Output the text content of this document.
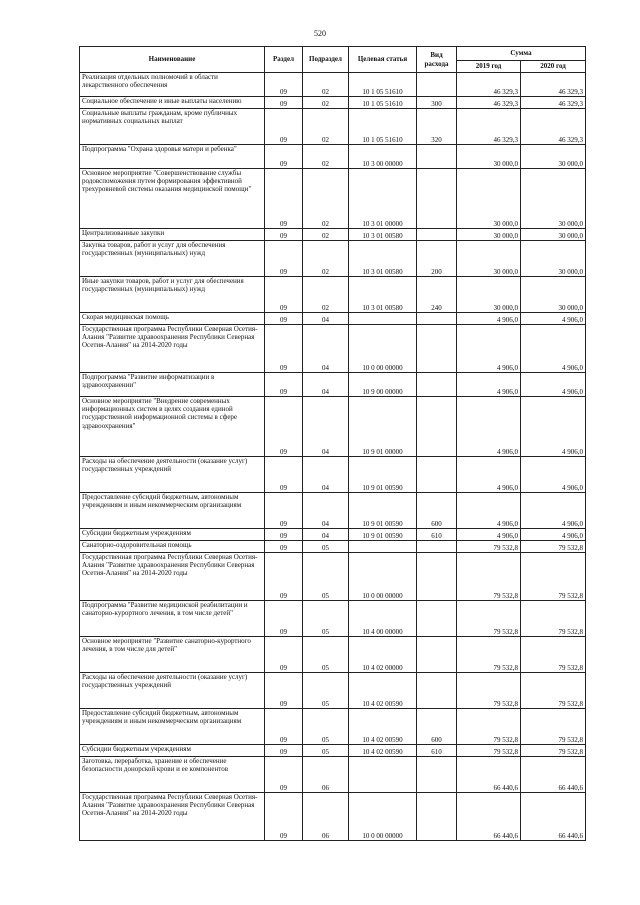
520
Наименование	Раздел	Подраздел	Целевая статья	Вид расхода	Сумма	
					2019 год	2020 год
Реализация отдельных полномочий в области лекарственного обеспечения	09	02	10 1 05 51610		46 329,3	46 329,3
Социальное обеспечение и иные выплаты населению	09	02	10 1 05 51610	300	46 329,3	46 329,3
Социальные выплаты гражданам, кроме публичных нормативных социальных выплат	09	02	10 1 05 51610	320	46 329,3	46 329,3
Подпрограмма "Охрана здоровья матери и ребенка"	09	02	10 3 00 00000		30 000,0	30 000,0
Основное мероприятие "Совершенствование службы родовспоможения путем формирования эффективной трехуровневой системы оказания медицинской помощи"	09	02	10 3 01 00000		30 000,0	30 000,0
Централизованные закупки	09	02	10 3 01 00580		30 000,0	30 000,0
Закупка товаров, работ и услуг для обеспечения государственных (муниципальных) нужд	09	02	10 3 01 00580	200	30 000,0	30 000,0
Иные закупки товаров, работ и услуг для обеспечения государственных (муниципальных) нужд	09	02	10 3 01 00580	240	30 000,0	30 000,0
Скорая медицинская помощь	09	04			4 906,0	4 906,0
Государственная программа Республики Северная Осетия-Алания "Развитие здравоохранения Республики Северная Осетия-Алания" на 2014-2020 годы	09	04	10 0 00 00000		4 906,0	4 906,0
Подпрограмма "Развитие информатизации в здравоохранении"	09	04	10 9 00 00000		4 906,0	4 906,0
Основное мероприятие "Внедрение современных информационных систем в целях создания единой государственной информационной системы в сфере здравоохранения"	09	04	10 9 01 00000		4 906,0	4 906,0
Расходы на обеспечение деятельности (оказание услуг) государственных учреждений	09	04	10 9 01 00590		4 906,0	4 906,0
Предоставление субсидий бюджетным, автономным учреждениям и иным некоммерческим организациям	09	04	10 9 01 00590	600	4 906,0	4 906,0
Субсидии бюджетным учреждениям	09	04	10 9 01 00590	610	4 906,0	4 906,0
Санаторно-оздоровительная помощь	09	05			79 532,8	79 532,8
Государственная программа Республики Северная Осетия-Алания "Развитие здравоохранения Республики Северная Осетия-Алания" на 2014-2020 годы	09	05	10 0 00 00000		79 532,8	79 532,8
Подпрограмма "Развитие медицинской реабилитации и санаторно-курортного лечения, в том числе детей"	09	05	10 4 00 00000		79 532,8	79 532,8
Основное мероприятие "Развитие санаторно-курортного лечения, в том числе для детей"	09	05	10 4 02 00000		79 532,8	79 532,8
Расходы на обеспечение деятельности (оказание услуг) государственных учреждений	09	05	10 4 02 00590		79 532,8	79 532,8
Предоставление субсидий бюджетным, автономным учреждениям и иным некоммерческим организациям	09	05	10 4 02 00590	600	79 532,8	79 532,8
Субсидии бюджетным учреждениям	09	05	10 4 02 00590	610	79 532,8	79 532,8
Заготовка, переработка, хранение и обеспечение безопасности донорской крови и ее компонентов	09	06			66 440,6	66 440,6
Государственная программа Республики Северная Осетия-Алания "Развитие здравоохранения Республики Северная Осетия-Алания" на 2014-2020 годы	09	06	10 0 00 00000		66 440,6	66 440,6
